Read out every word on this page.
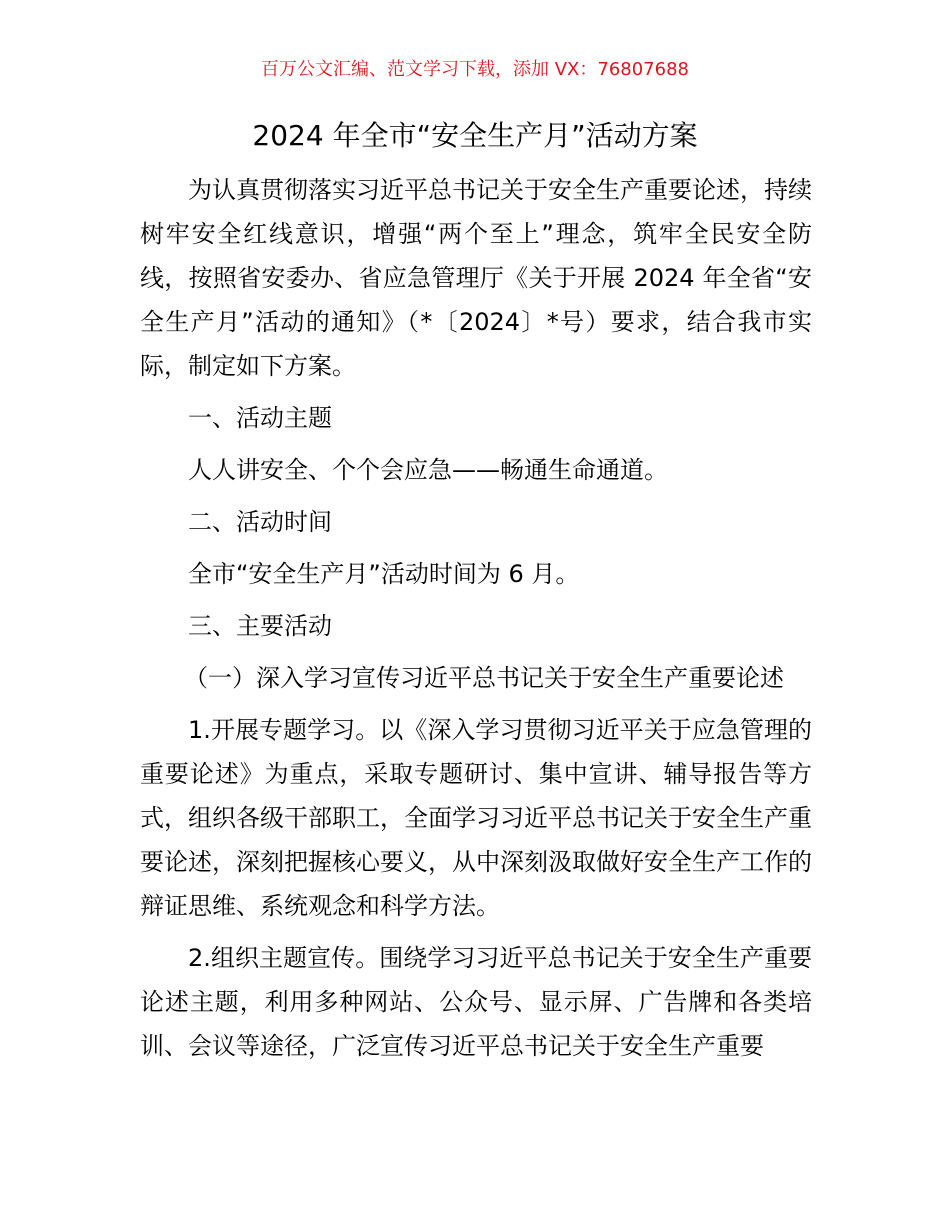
百万公文汇编、范文学习下载，添加 VX：76807688
2024 年全市“安全生产月”活动方案

为认真贯彻落实习近平总书记关于安全生产重要论述，持续树牢安全红线意识，增强“两个至上”理念，筑牢全民安全防线，按照省安委办、省应急管理厅《关于开展 2024 年全省“安全生产月”活动的通知》（*〔2024〕*号）要求，结合我市实际，制定如下方案。

一、活动主题

人人讲安全、个个会应急——畅通生命通道。

二、活动时间

全市“安全生产月”活动时间为 6 月。

三、主要活动

（一）深入学习宣传习近平总书记关于安全生产重要论述

1.开展专题学习。以《深入学习贯彻习近平关于应急管理的重要论述》为重点，采取专题研讨、集中宣讲、辅导报告等方式，组织各级干部职工，全面学习习近平总书记关于安全生产重要论述，深刻把握核心要义，从中深刻汲取做好安全生产工作的辩证思维、系统观念和科学方法。

2.组织主题宣传。围绕学习习近平总书记关于安全生产重要论述主题，利用多种网站、公众号、显示屏、广告牌和各类培训、会议等途径，广泛宣传习近平总书记关于安全生产重要
